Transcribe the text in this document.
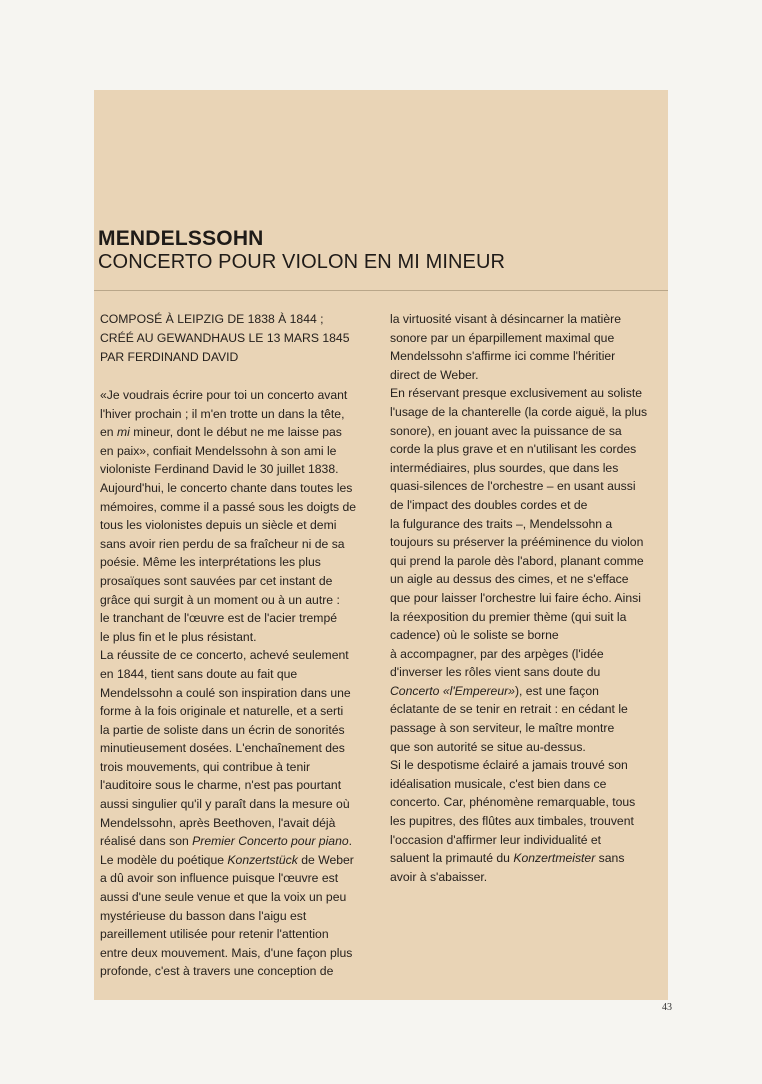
MENDELSSOHN
CONCERTO POUR VIOLON EN MI MINEUR
COMPOSÉ À LEIPZIG DE 1838 À 1844 ;
CRÉÉ AU GEWANDHAUS LE 13 MARS 1845
PAR FERDINAND DAVID
«Je voudrais écrire pour toi un concerto avant
l'hiver prochain ; il m'en trotte un dans la tête,
en mi mineur, dont le début ne me laisse pas
en paix», confiait Mendelssohn à son ami le
violoniste Ferdinand David le 30 juillet 1838.
Aujourd'hui, le concerto chante dans toutes les
mémoires, comme il a passé sous les doigts de
tous les violonistes depuis un siècle et demi
sans avoir rien perdu de sa fraîcheur ni de sa
poésie. Même les interprétations les plus
prosaïques sont sauvées par cet instant de
grâce qui surgit à un moment ou à un autre :
le tranchant de l'œuvre est de l'acier trempé
le plus fin et le plus résistant.
La réussite de ce concerto, achevé seulement
en 1844, tient sans doute au fait que
Mendelssohn a coulé son inspiration dans une
forme à la fois originale et naturelle, et a serti
la partie de soliste dans un écrin de sonorités
minutieusement dosées. L'enchaînement des
trois mouvements, qui contribue à tenir
l'auditoire sous le charme, n'est pas pourtant
aussi singulier qu'il y paraît dans la mesure où
Mendelssohn, après Beethoven, l'avait déjà
réalisé dans son Premier Concerto pour piano.
Le modèle du poétique Konzertstück de Weber
a dû avoir son influence puisque l'œuvre est
aussi d'une seule venue et que la voix un peu
mystérieuse du basson dans l'aigu est
pareillement utilisée pour retenir l'attention
entre deux mouvement. Mais, d'une façon plus
profonde, c'est à travers une conception de
la virtuosité visant à désincarner la matière
sonore par un éparpillement maximal que
Mendelssohn s'affirme ici comme l'héritier
direct de Weber.
En réservant presque exclusivement au soliste
l'usage de la chanterelle (la corde aiguë, la plus
sonore), en jouant avec la puissance de sa
corde la plus grave et en n'utilisant les cordes
intermédiaires, plus sourdes, que dans les
quasi-silences de l'orchestre – en usant aussi
de l'impact des doubles cordes et de
la fulgurance des traits –, Mendelssohn a
toujours su préserver la prééminence du violon
qui prend la parole dès l'abord, planant comme
un aigle au dessus des cimes, et ne s'efface
que pour laisser l'orchestre lui faire écho. Ainsi
la réexposition du premier thème (qui suit la
cadence) où le soliste se borne
à accompagner, par des arpèges (l'idée
d'inverser les rôles vient sans doute du
Concerto «l'Empereur»), est une façon
éclatante de se tenir en retrait : en cédant le
passage à son serviteur, le maître montre
que son autorité se situe au-dessus.
Si le despotisme éclairé a jamais trouvé son
idéalisation musicale, c'est bien dans ce
concerto. Car, phénomène remarquable, tous
les pupitres, des flûtes aux timbales, trouvent
l'occasion d'affirmer leur individualité et
saluent la primauté du Konzertmeister sans
avoir à s'abaisser.
43
